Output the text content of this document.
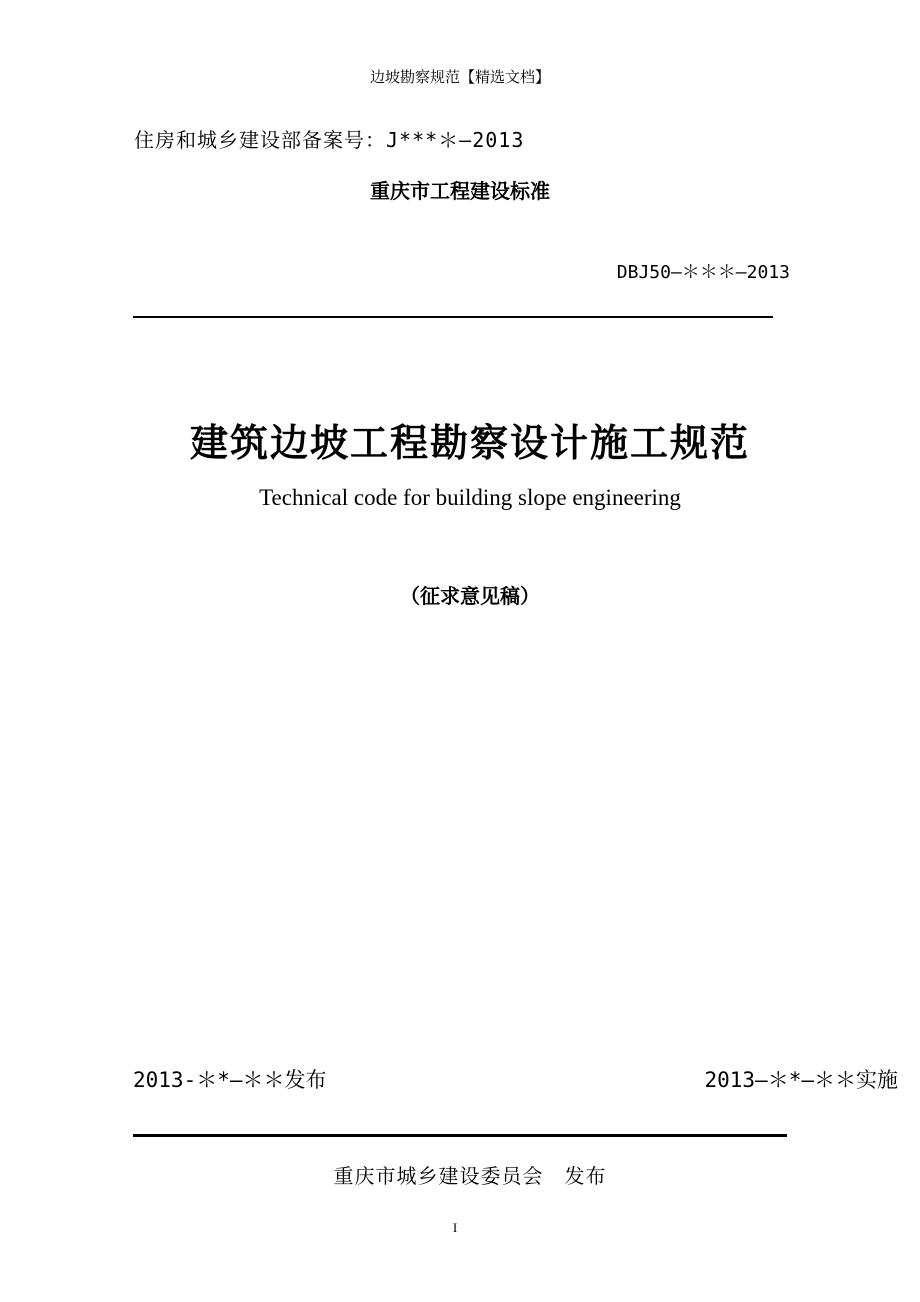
边坡勘察规范【精选文档】
住房和城乡建设部备案号：J***＊—2013
重庆市工程建设标准
DBJ50—＊＊＊—2013
建筑边坡工程勘察设计施工规范
Technical code for building slope engineering
（征求意见稿）
2013-＊*—＊＊发布	2013—＊*—＊＊实施
重庆市城乡建设委员会　发布
I
